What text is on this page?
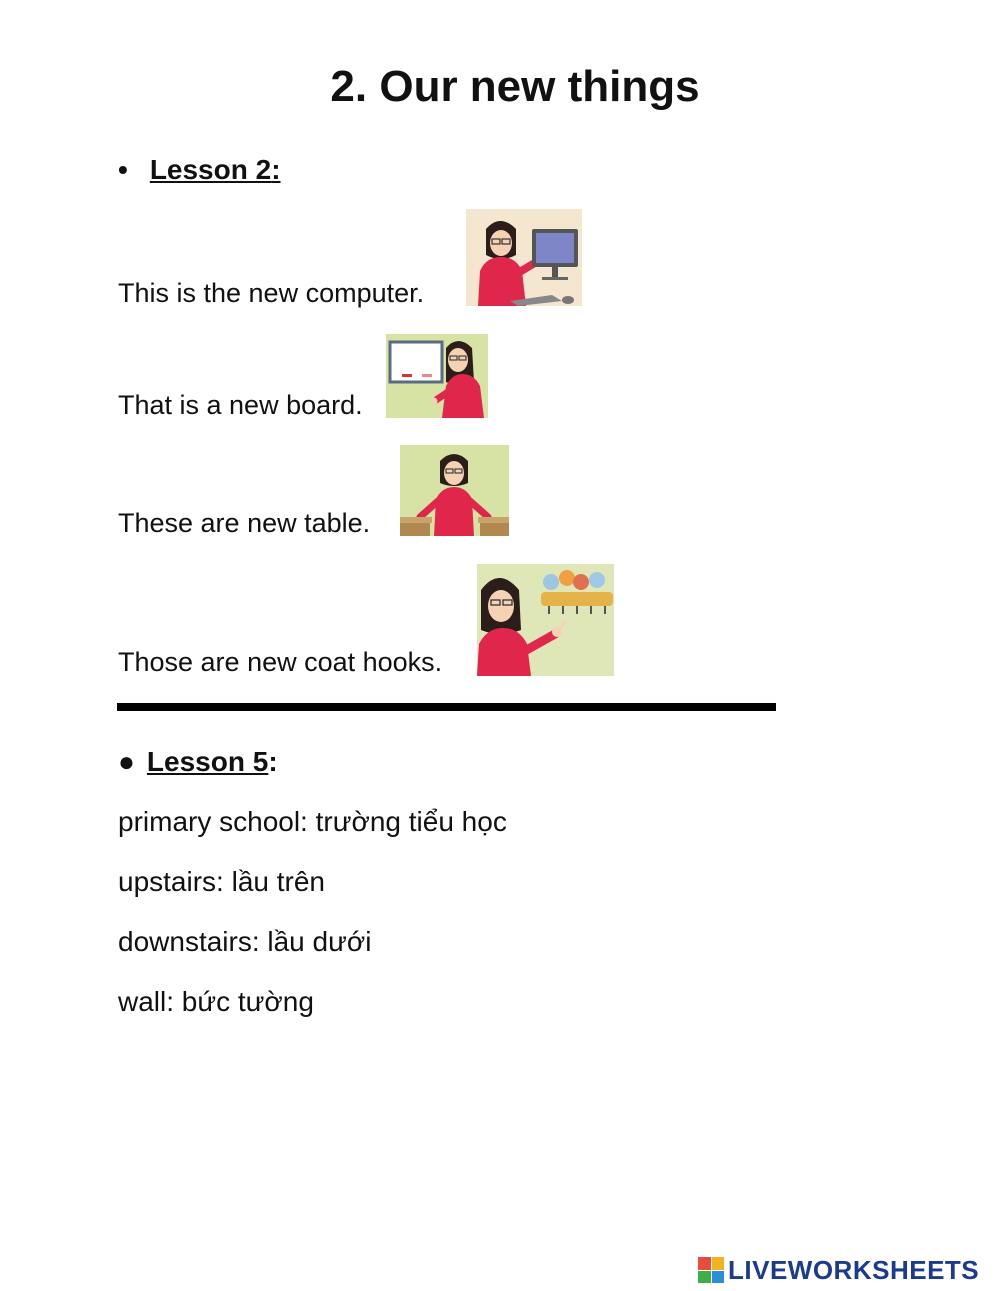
2. Our new things
• Lesson 2:
This is the new computer.
That is a new board.
These are new table.
Those are new coat hooks.
● Lesson 5:
primary school: trường tiểu học
upstairs: lầu trên
downstairs: lầu dưới
wall: bức tường
LIVEWORKSHEETS
